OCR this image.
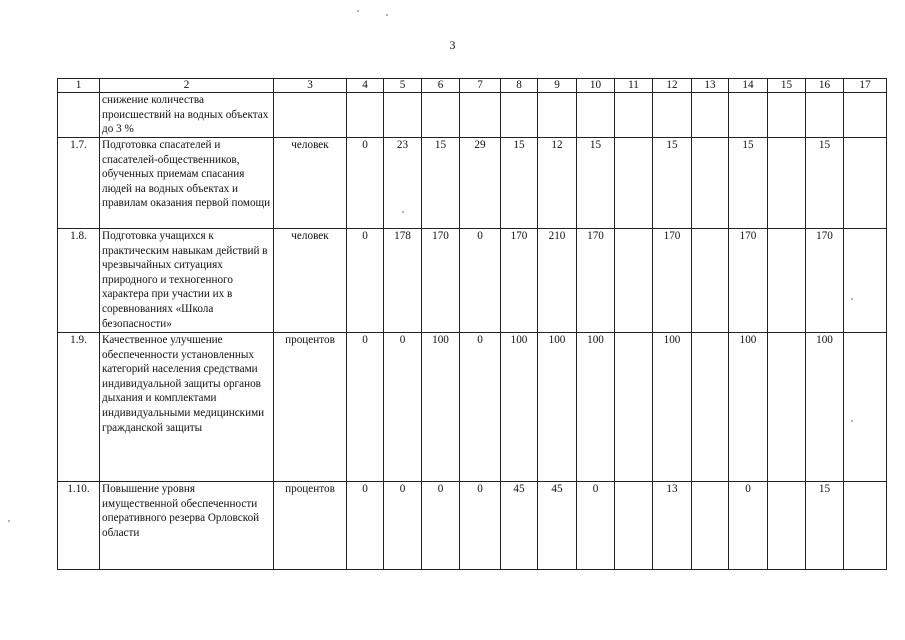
3
1	2	3	4	5	6	7	8	9	10	11	12	13	14	15	16	17
	снижение количества происшествий на водных объектах до 3 %															
1.7.	Подготовка спасателей и спасателей-общественников, обученных приемам спасания людей на водных объектах и правилам оказания первой помощи	человек	0	23	15	29	15	12	15		15		15		15	
1.8.	Подготовка учащихся к практическим навыкам действий в чрезвычайных ситуациях природного и техногенного характера при участии их в соревнованиях «Школа безопасности»	человек	0	178	170	0	170	210	170		170		170		170	
1.9.	Качественное улучшение обеспеченности установленных категорий населения средствами индивидуальной защиты органов дыхания и комплектами индивидуальными медицинскими гражданской защиты	процентов	0	0	100	0	100	100	100		100		100		100	
1.10.	Повышение уровня имущественной обеспеченности оперативного резерва Орловской области	процентов	0	0	0	0	45	45	0		13		0		15	
